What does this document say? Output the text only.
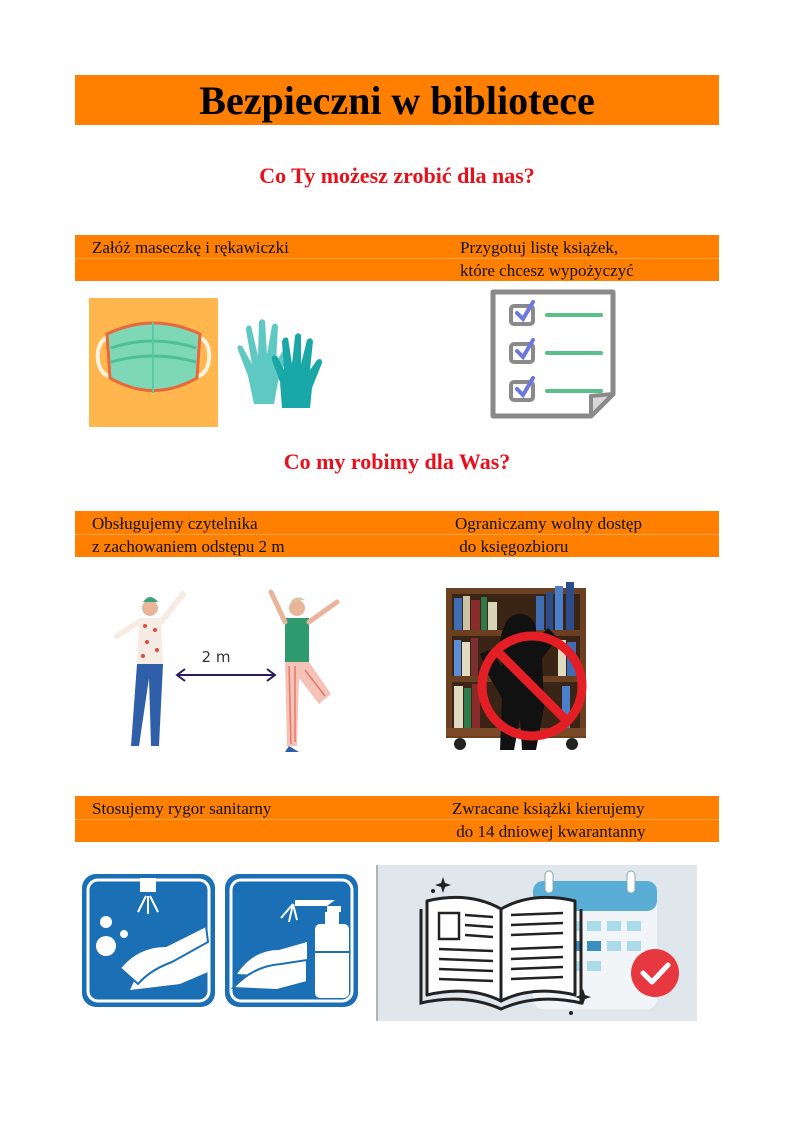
Bezpieczni w bibliotece
Co Ty możesz zrobić dla nas?
Załóż maseczkę i rękawiczki	Przygotuj listę książek,
które chcesz wypożyczyć
Co my robimy dla Was?
Obsługujemy czytelnika
z zachowaniem odstępu 2 m
Ograniczamy wolny dostęp
do księgozbioru
2 m
Stosujemy rygor sanitarny	Zwracane książki kierujemy
do 14 dniowej kwarantanny
